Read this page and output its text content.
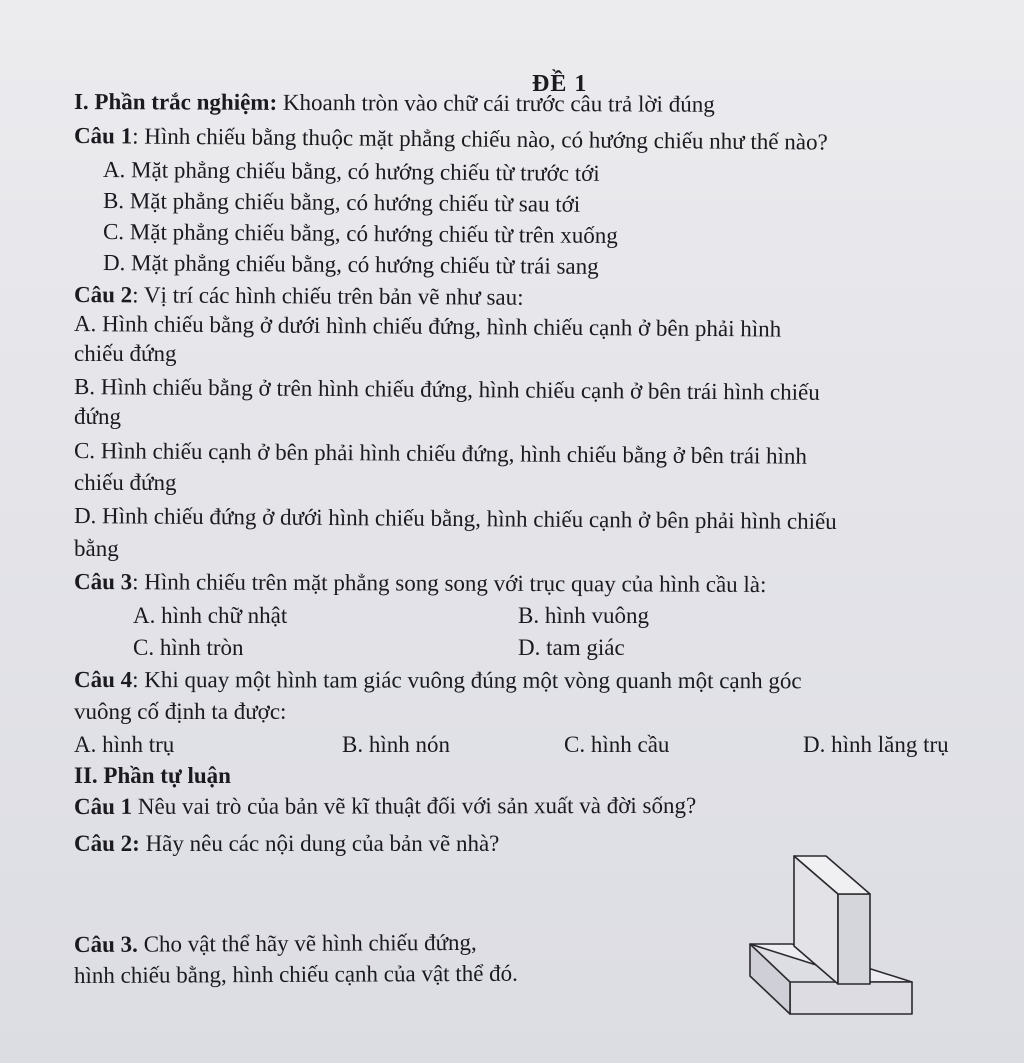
ĐỀ 1
I. Phần trắc nghiệm: Khoanh tròn vào chữ cái trước câu trả lời đúng
Câu 1: Hình chiếu bằng thuộc mặt phẳng chiếu nào, có hướng chiếu như thế nào?
A. Mặt phẳng chiếu bằng, có hướng chiếu từ trước tới
B. Mặt phẳng chiếu bằng, có hướng chiếu từ sau tới
C. Mặt phẳng chiếu bằng, có hướng chiếu từ trên xuống
D. Mặt phẳng chiếu bằng, có hướng chiếu từ trái sang
Câu 2: Vị trí các hình chiếu trên bản vẽ như sau:
A. Hình chiếu bằng ở dưới hình chiếu đứng, hình chiếu cạnh ở bên phải hình
chiếu đứng
B. Hình chiếu bằng ở trên hình chiếu đứng, hình chiếu cạnh ở bên trái hình chiếu
đứng
C. Hình chiếu cạnh ở bên phải hình chiếu đứng, hình chiếu bằng ở bên trái hình
chiếu đứng
D. Hình chiếu đứng ở dưới hình chiếu bằng, hình chiếu cạnh ở bên phải hình chiếu
bằng
Câu 3: Hình chiếu trên mặt phẳng song song với trục quay của hình cầu là:
A. hình chữ nhật	B. hình vuông
C. hình tròn	D. tam giác
Câu 4: Khi quay một hình tam giác vuông đúng một vòng quanh một cạnh góc
vuông cố định ta được:
A. hình trụ	B. hình nón	C. hình cầu	D. hình lăng trụ
II. Phần tự luận
Câu 1 Nêu vai trò của bản vẽ kĩ thuật đối với sản xuất và đời sống?
Câu 2: Hãy nêu các nội dung của bản vẽ nhà?
Câu 3. Cho vật thể hãy vẽ hình chiếu đứng,
hình chiếu bằng, hình chiếu cạnh của vật thể đó.
